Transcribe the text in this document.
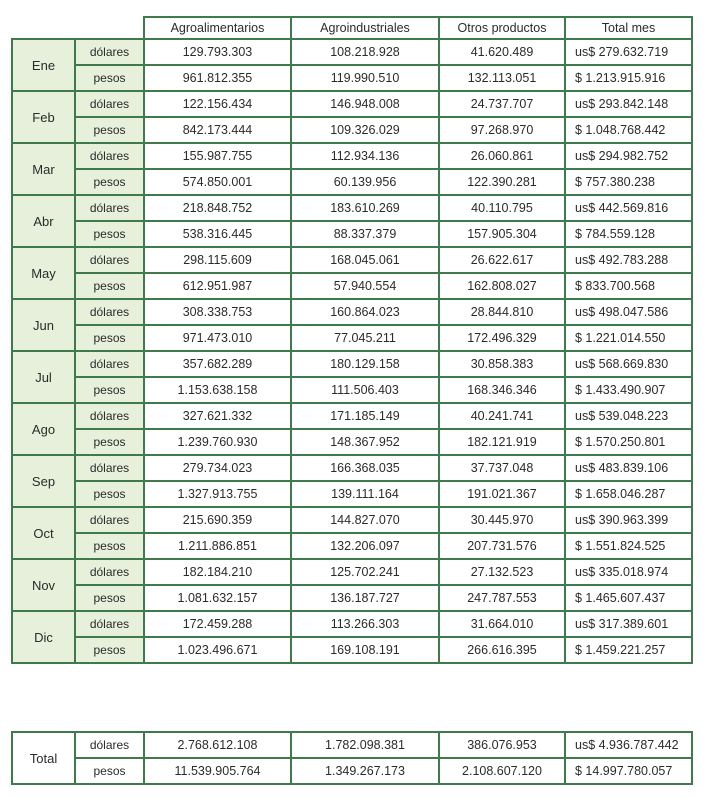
		Agroalimentarios	Agroindustriales	Otros productos	Total mes
Ene	dólares	129.793.303	108.218.928	41.620.489	us$ 279.632.719
	pesos	961.812.355	119.990.510	132.113.051	$ 1.213.915.916
Feb	dólares	122.156.434	146.948.008	24.737.707	us$ 293.842.148
	pesos	842.173.444	109.326.029	97.268.970	$ 1.048.768.442
Mar	dólares	155.987.755	112.934.136	26.060.861	us$ 294.982.752
	pesos	574.850.001	60.139.956	122.390.281	$ 757.380.238
Abr	dólares	218.848.752	183.610.269	40.110.795	us$ 442.569.816
	pesos	538.316.445	88.337.379	157.905.304	$ 784.559.128
May	dólares	298.115.609	168.045.061	26.622.617	us$ 492.783.288
	pesos	612.951.987	57.940.554	162.808.027	$ 833.700.568
Jun	dólares	308.338.753	160.864.023	28.844.810	us$ 498.047.586
	pesos	971.473.010	77.045.211	172.496.329	$ 1.221.014.550
Jul	dólares	357.682.289	180.129.158	30.858.383	us$ 568.669.830
	pesos	1.153.638.158	111.506.403	168.346.346	$ 1.433.490.907
Ago	dólares	327.621.332	171.185.149	40.241.741	us$ 539.048.223
	pesos	1.239.760.930	148.367.952	182.121.919	$ 1.570.250.801
Sep	dólares	279.734.023	166.368.035	37.737.048	us$ 483.839.106
	pesos	1.327.913.755	139.111.164	191.021.367	$ 1.658.046.287
Oct	dólares	215.690.359	144.827.070	30.445.970	us$ 390.963.399
	pesos	1.211.886.851	132.206.097	207.731.576	$ 1.551.824.525
Nov	dólares	182.184.210	125.702.241	27.132.523	us$ 335.018.974
	pesos	1.081.632.157	136.187.727	247.787.553	$ 1.465.607.437
Dic	dólares	172.459.288	113.266.303	31.664.010	us$ 317.389.601
	pesos	1.023.496.671	169.108.191	266.616.395	$ 1.459.221.257
Total	dólares	2.768.612.108	1.782.098.381	386.076.953	us$ 4.936.787.442
	pesos	11.539.905.764	1.349.267.173	2.108.607.120	$ 14.997.780.057
